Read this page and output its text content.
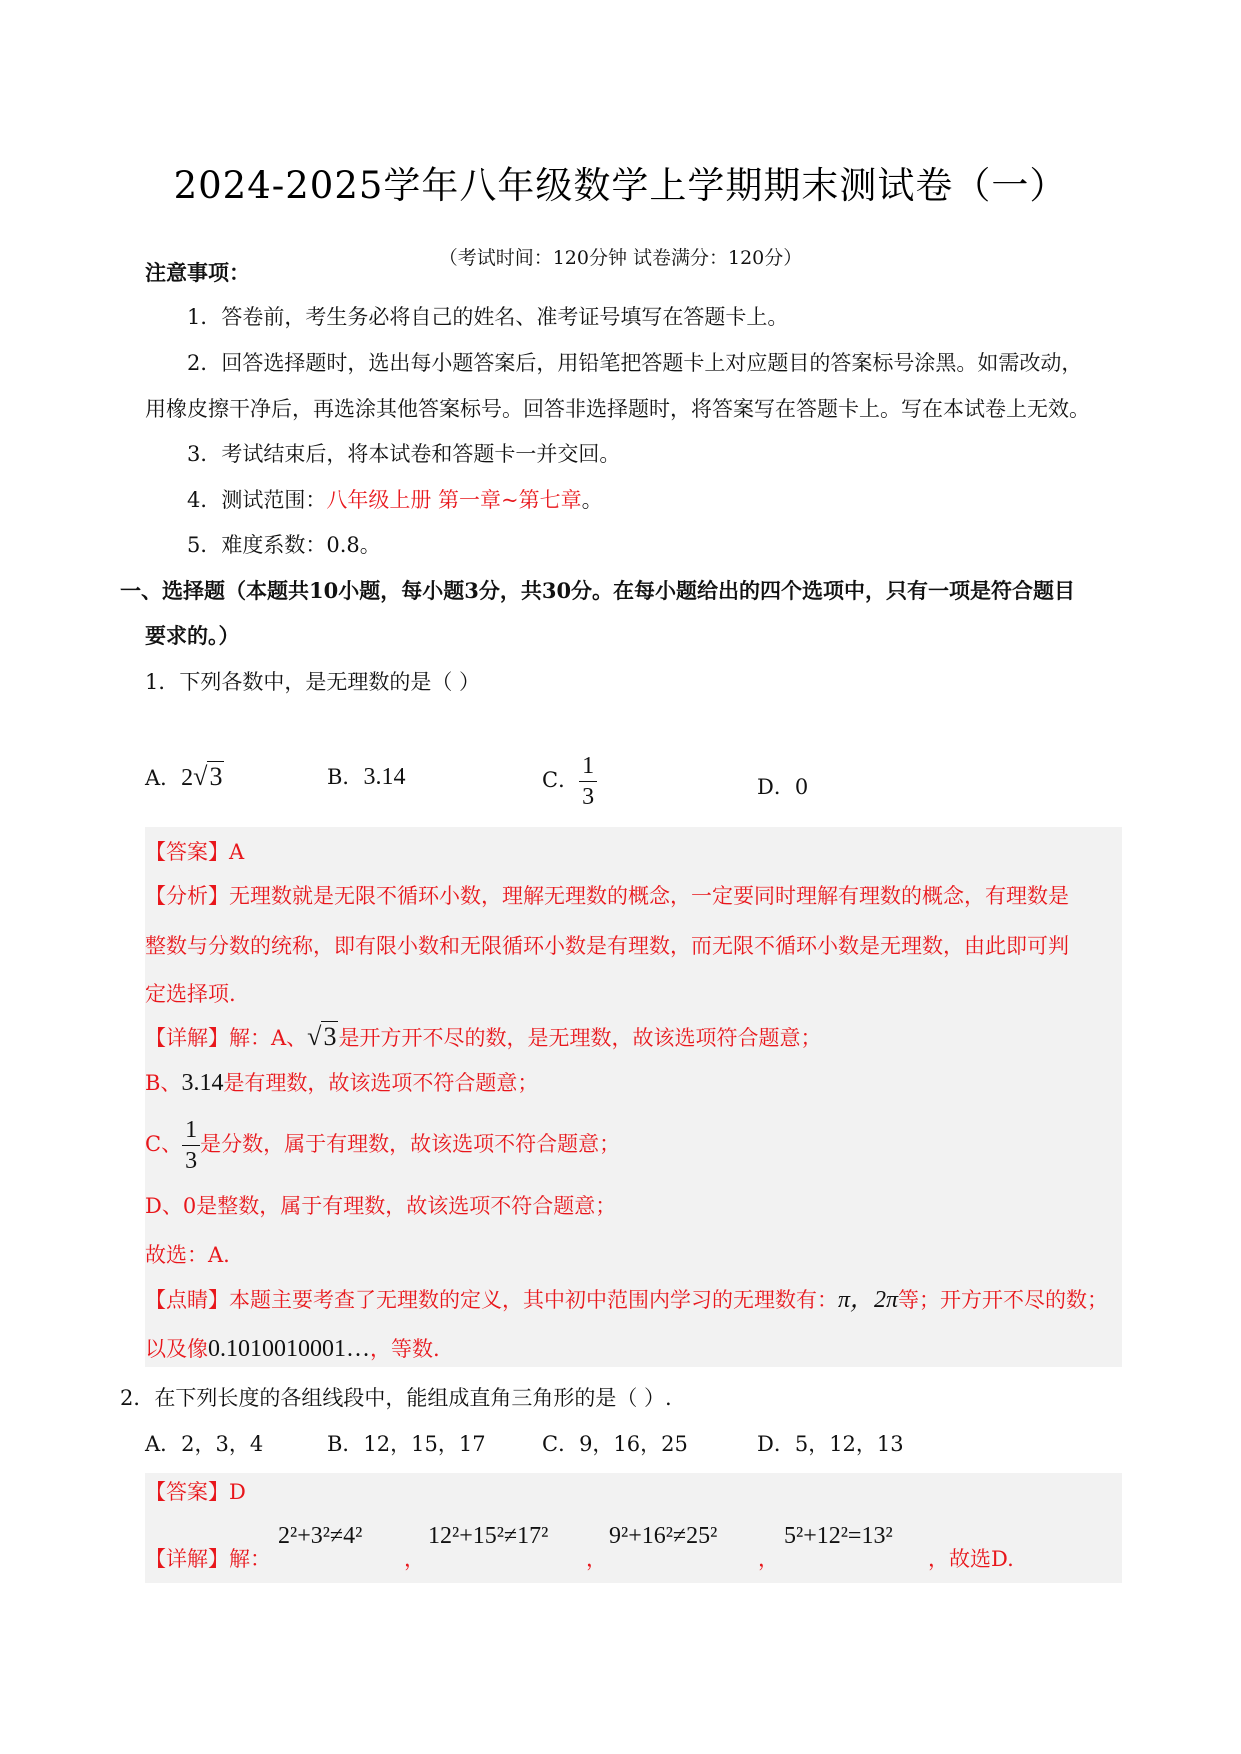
2024-2025学年八年级数学上学期期末测试卷（一）
（考试时间：120分钟 试卷满分：120分）
注意事项：
1．答卷前，考生务必将自己的姓名、准考证号填写在答题卡上。
2．回答选择题时，选出每小题答案后，用铅笔把答题卡上对应题目的答案标号涂黑。如需改动，
用橡皮擦干净后，再选涂其他答案标号。回答非选择题时，将答案写在答题卡上。写在本试卷上无效。
3．考试结束后，将本试卷和答题卡一并交回。
4．测试范围：八年级上册 第一章~第七章。
5．难度系数：0.8。
一、选择题（本题共10小题，每小题3分，共30分。在每小题给出的四个选项中，只有一项是符合题目
要求的。）
1．下列各数中，是无理数的是（ ）
A．2√3	B．3.14	C． $\frac{1}{3}$	D．0
【答案】A
【分析】无理数就是无限不循环小数，理解无理数的概念，一定要同时理解有理数的概念，有理数是
整数与分数的统称，即有限小数和无限循环小数是有理数，而无限不循环小数是无理数，由此即可判
定选择项.
【详解】解：A、√3是开方开不尽的数，是无理数，故该选项符合题意；
B、3.14是有理数，故该选项不符合题意；
C、 $\frac{1}{3}$ 是分数，属于有理数，故该选项不符合题意；
D、0是整数，属于有理数，故该选项不符合题意；
故选：A.
【点睛】本题主要考查了无理数的定义，其中初中范围内学习的无理数有：π，2π等；开方开不尽的数；
以及像0.1010010001…，等数.
2．在下列长度的各组线段中，能组成直角三角形的是（ ）.
A．2，3，4	B．12，15，17	C．9，16，25	D．5，12，13
【答案】D
【详解】解：
2²+3²≠4²
，
12²+15²≠17²
，
9²+16²≠25²
，
5²+12²=13²
，故选D.
